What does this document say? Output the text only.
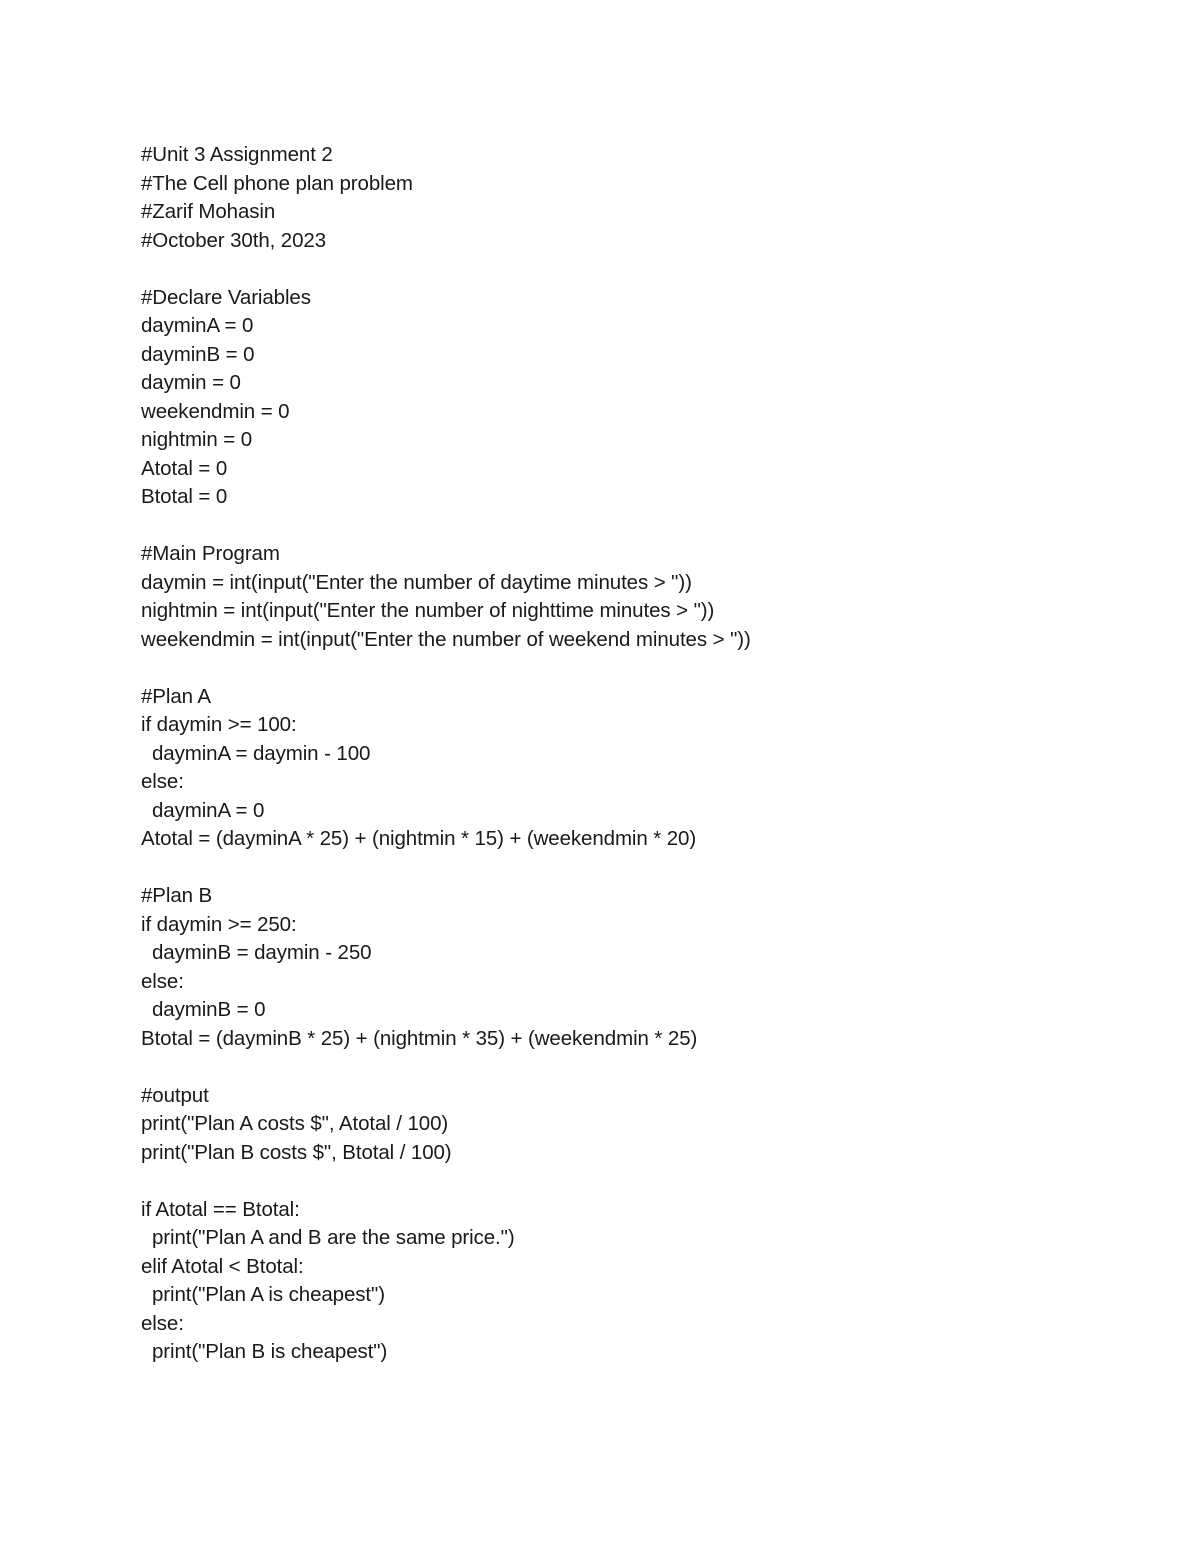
#Unit 3 Assignment 2
#The Cell phone plan problem
#Zarif Mohasin
#October 30th, 2023
#Declare Variables
dayminA = 0
dayminB = 0
daymin = 0
weekendmin = 0
nightmin = 0
Atotal = 0
Btotal = 0
#Main Program
daymin = int(input("Enter the number of daytime minutes > "))
nightmin = int(input("Enter the number of nighttime minutes > "))
weekendmin = int(input("Enter the number of weekend minutes > "))
#Plan A
if daymin >= 100:
dayminA = daymin - 100
else:
dayminA = 0
Atotal = (dayminA * 25) + (nightmin * 15) + (weekendmin * 20)
#Plan B
if daymin >= 250:
dayminB = daymin - 250
else:
dayminB = 0
Btotal = (dayminB * 25) + (nightmin * 35) + (weekendmin * 25)
#output
print("Plan A costs $", Atotal / 100)
print("Plan B costs $", Btotal / 100)
if Atotal == Btotal:
print("Plan A and B are the same price.")
elif Atotal < Btotal:
print("Plan A is cheapest")
else:
print("Plan B is cheapest")
